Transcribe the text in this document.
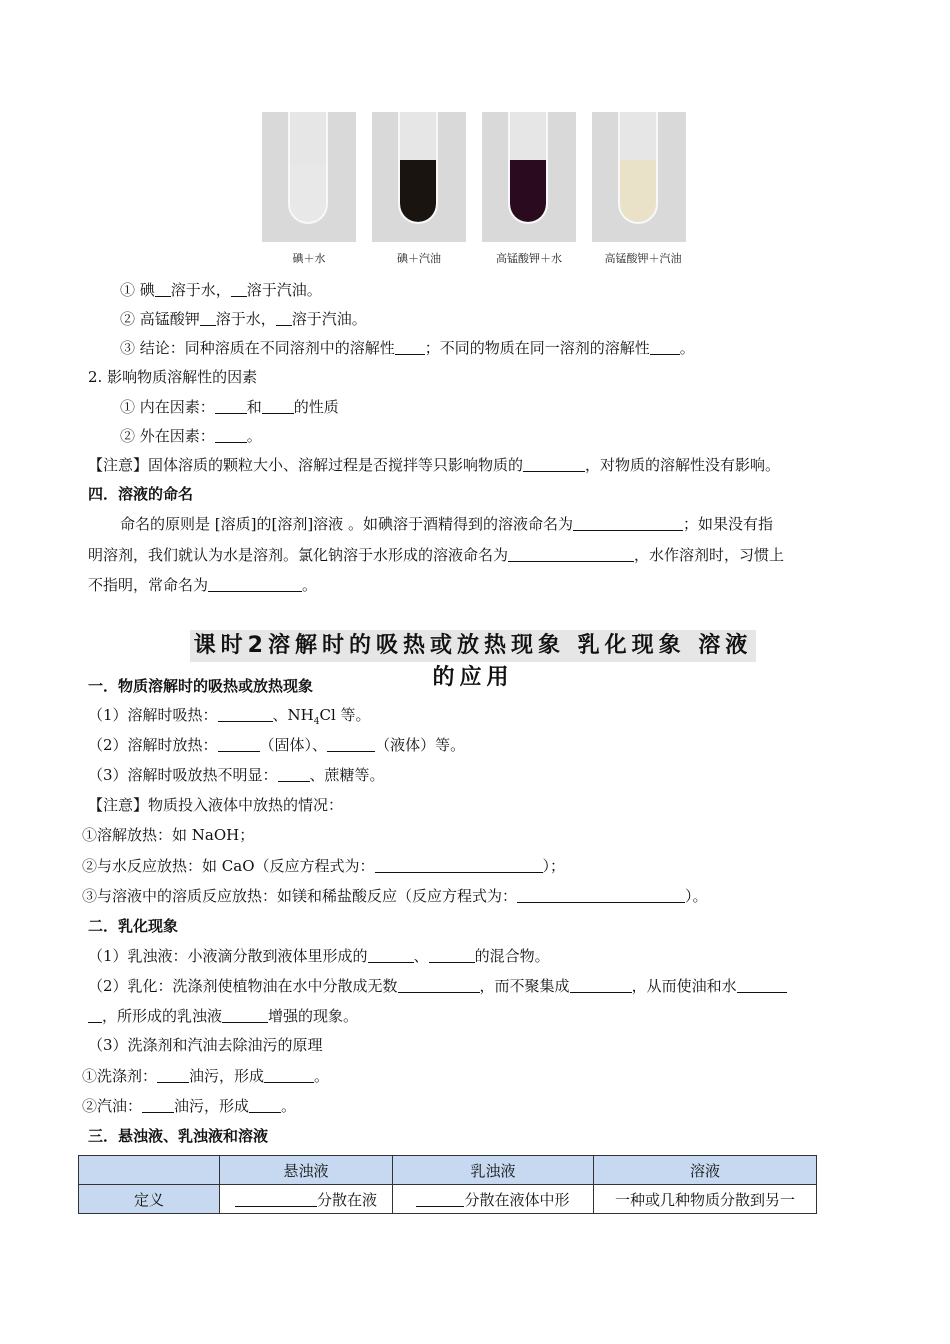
碘＋水	碘＋汽油	高锰酸钾＋水	高锰酸钾＋汽油
① 碘 溶于水， 溶于汽油。
② 高锰酸钾 溶于水， 溶于汽油。
③ 结论：同种溶质在不同溶剂中的溶解性 ；不同的物质在同一溶剂的溶解性 。
2. 影响物质溶解性的因素
① 内在因素： 和 的性质
② 外在因素： 。
【注意】固体溶质的颗粒大小、溶解过程是否搅拌等只影响物质的	，对物质的溶解性没有影响。
四．溶液的命名
命名的原则是 [溶质]的[溶剂]溶液 。如碘溶于酒精得到的溶液命名为	；如果没有指
明溶剂，我们就认为水是溶剂。氯化钠溶于水形成的溶液命名为	，水作溶剂时，习惯上
不指明，常命名为	。
课时2溶解时的吸热或放热现象 乳化现象 溶液的应用
一．物质溶解时的吸热或放热现象
（1）溶解时吸热：	、$NH_4Cl$ 等。
（2）溶解时放热：	（固体）、	（液体）等。
（3）溶解时吸放热不明显： 、蔗糖等。
【注意】物质投入液体中放热的情况：
①溶解放热：如 NaOH；
②与水反应放热：如 CaO（反应方程式为：	）；
③与溶液中的溶质反应放热：如镁和稀盐酸反应（反应方程式为：	）。
二．乳化现象
（1）乳浊液：小液滴分散到液体里形成的	、	的混合物。
（2）乳化：洗涤剂使植物油在水中分散成无数	，而不聚集成	，从而使油和水
，所形成的乳浊液	增强的现象。
（3）洗涤剂和汽油去除油污的原理
①洗涤剂： 油污，形成	。
②汽油： 油污，形成 。
三．悬浊液、乳浊液和溶液
	悬浊液	乳浊液	溶液
定义	分散在液	分散在液体中形	一种或几种物质分散到另一
